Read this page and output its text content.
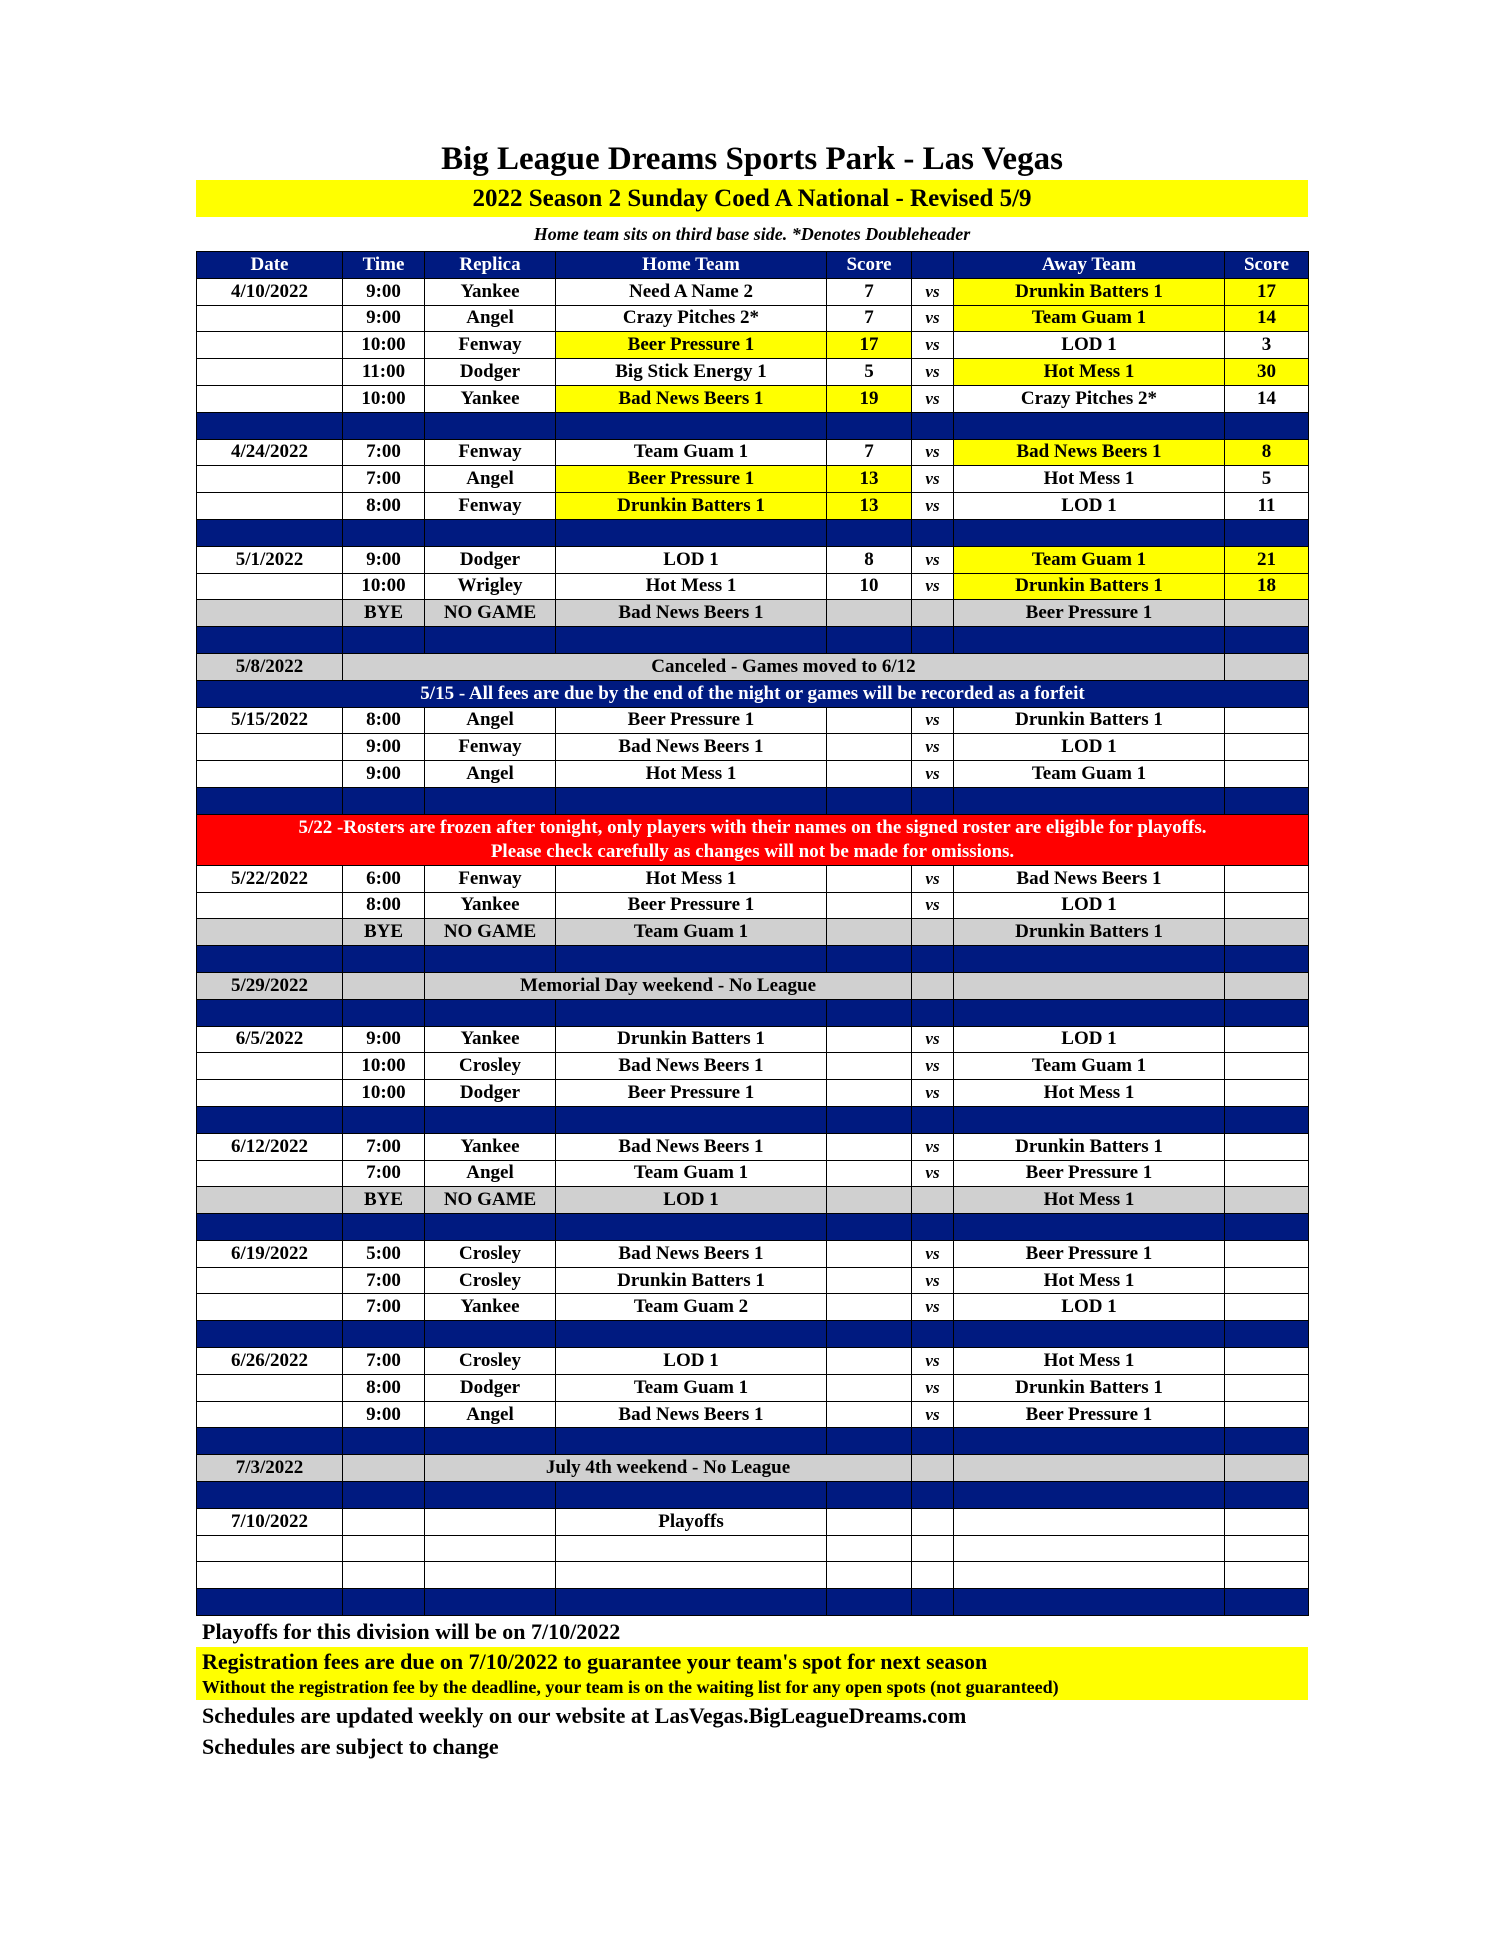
Big League Dreams Sports Park - Las Vegas
2022 Season 2 Sunday Coed A National - Revised 5/9
Home team sits on third base side. *Denotes Doubleheader
Date	Time	Replica	Home Team	Score		Away Team	Score
4/10/2022	9:00	Yankee	Need A Name 2	7	vs	Drunkin Batters 1	17
	9:00	Angel	Crazy Pitches 2*	7	vs	Team Guam 1	14
	10:00	Fenway	Beer Pressure 1	17	vs	LOD 1	3
	11:00	Dodger	Big Stick Energy 1	5	vs	Hot Mess 1	30
	10:00	Yankee	Bad News Beers 1	19	vs	Crazy Pitches 2*	14

4/24/2022	7:00	Fenway	Team Guam 1	7	vs	Bad News Beers 1	8
	7:00	Angel	Beer Pressure 1	13	vs	Hot Mess 1	5
	8:00	Fenway	Drunkin Batters 1	13	vs	LOD 1	11

5/1/2022	9:00	Dodger	LOD 1	8	vs	Team Guam 1	21
	10:00	Wrigley	Hot Mess 1	10	vs	Drunkin Batters 1	18
	BYE	NO GAME	Bad News Beers 1			Beer Pressure 1	

5/8/2022	Canceled - Games moved to 6/12						
5/15 - All fees are due by the end of the night or games will be recorded as a forfeit							
5/15/2022	8:00	Angel	Beer Pressure 1		vs	Drunkin Batters 1	
	9:00	Fenway	Bad News Beers 1		vs	LOD 1	
	9:00	Angel	Hot Mess 1		vs	Team Guam 1	

5/22 -Rosters are frozen after tonight, only players with their names on the signed roster are eligible for playoffs.
Please check carefully as changes will not be made for omissions.							

5/22/2022	6:00	Fenway	Hot Mess 1		vs	Bad News Beers 1	
	8:00	Yankee	Beer Pressure 1		vs	LOD 1	
	BYE	NO GAME	Team Guam 1			Drunkin Batters 1	

5/29/2022		Memorial Day weekend - No League					

6/5/2022	9:00	Yankee	Drunkin Batters 1		vs	LOD 1	
	10:00	Crosley	Bad News Beers 1		vs	Team Guam 1	
	10:00	Dodger	Beer Pressure 1		vs	Hot Mess 1	

6/12/2022	7:00	Yankee	Bad News Beers 1		vs	Drunkin Batters 1	
	7:00	Angel	Team Guam 1		vs	Beer Pressure 1	
	BYE	NO GAME	LOD 1			Hot Mess 1	

6/19/2022	5:00	Crosley	Bad News Beers 1		vs	Beer Pressure 1	
	7:00	Crosley	Drunkin Batters 1		vs	Hot Mess 1	
	7:00	Yankee	Team Guam 2		vs	LOD 1	

6/26/2022	7:00	Crosley	LOD 1		vs	Hot Mess 1	
	8:00	Dodger	Team Guam 1		vs	Drunkin Batters 1	
	9:00	Angel	Bad News Beers 1		vs	Beer Pressure 1	

7/3/2022		July 4th weekend - No League					

7/10/2022			Playoffs				

Playoffs for this division will be on 7/10/2022
Registration fees are due on 7/10/2022 to guarantee your team's spot for next season
Without the registration fee by the deadline, your team is on the waiting list for any open spots (not guaranteed)
Schedules are updated weekly on our website at LasVegas.BigLeagueDreams.com
Schedules are subject to change
